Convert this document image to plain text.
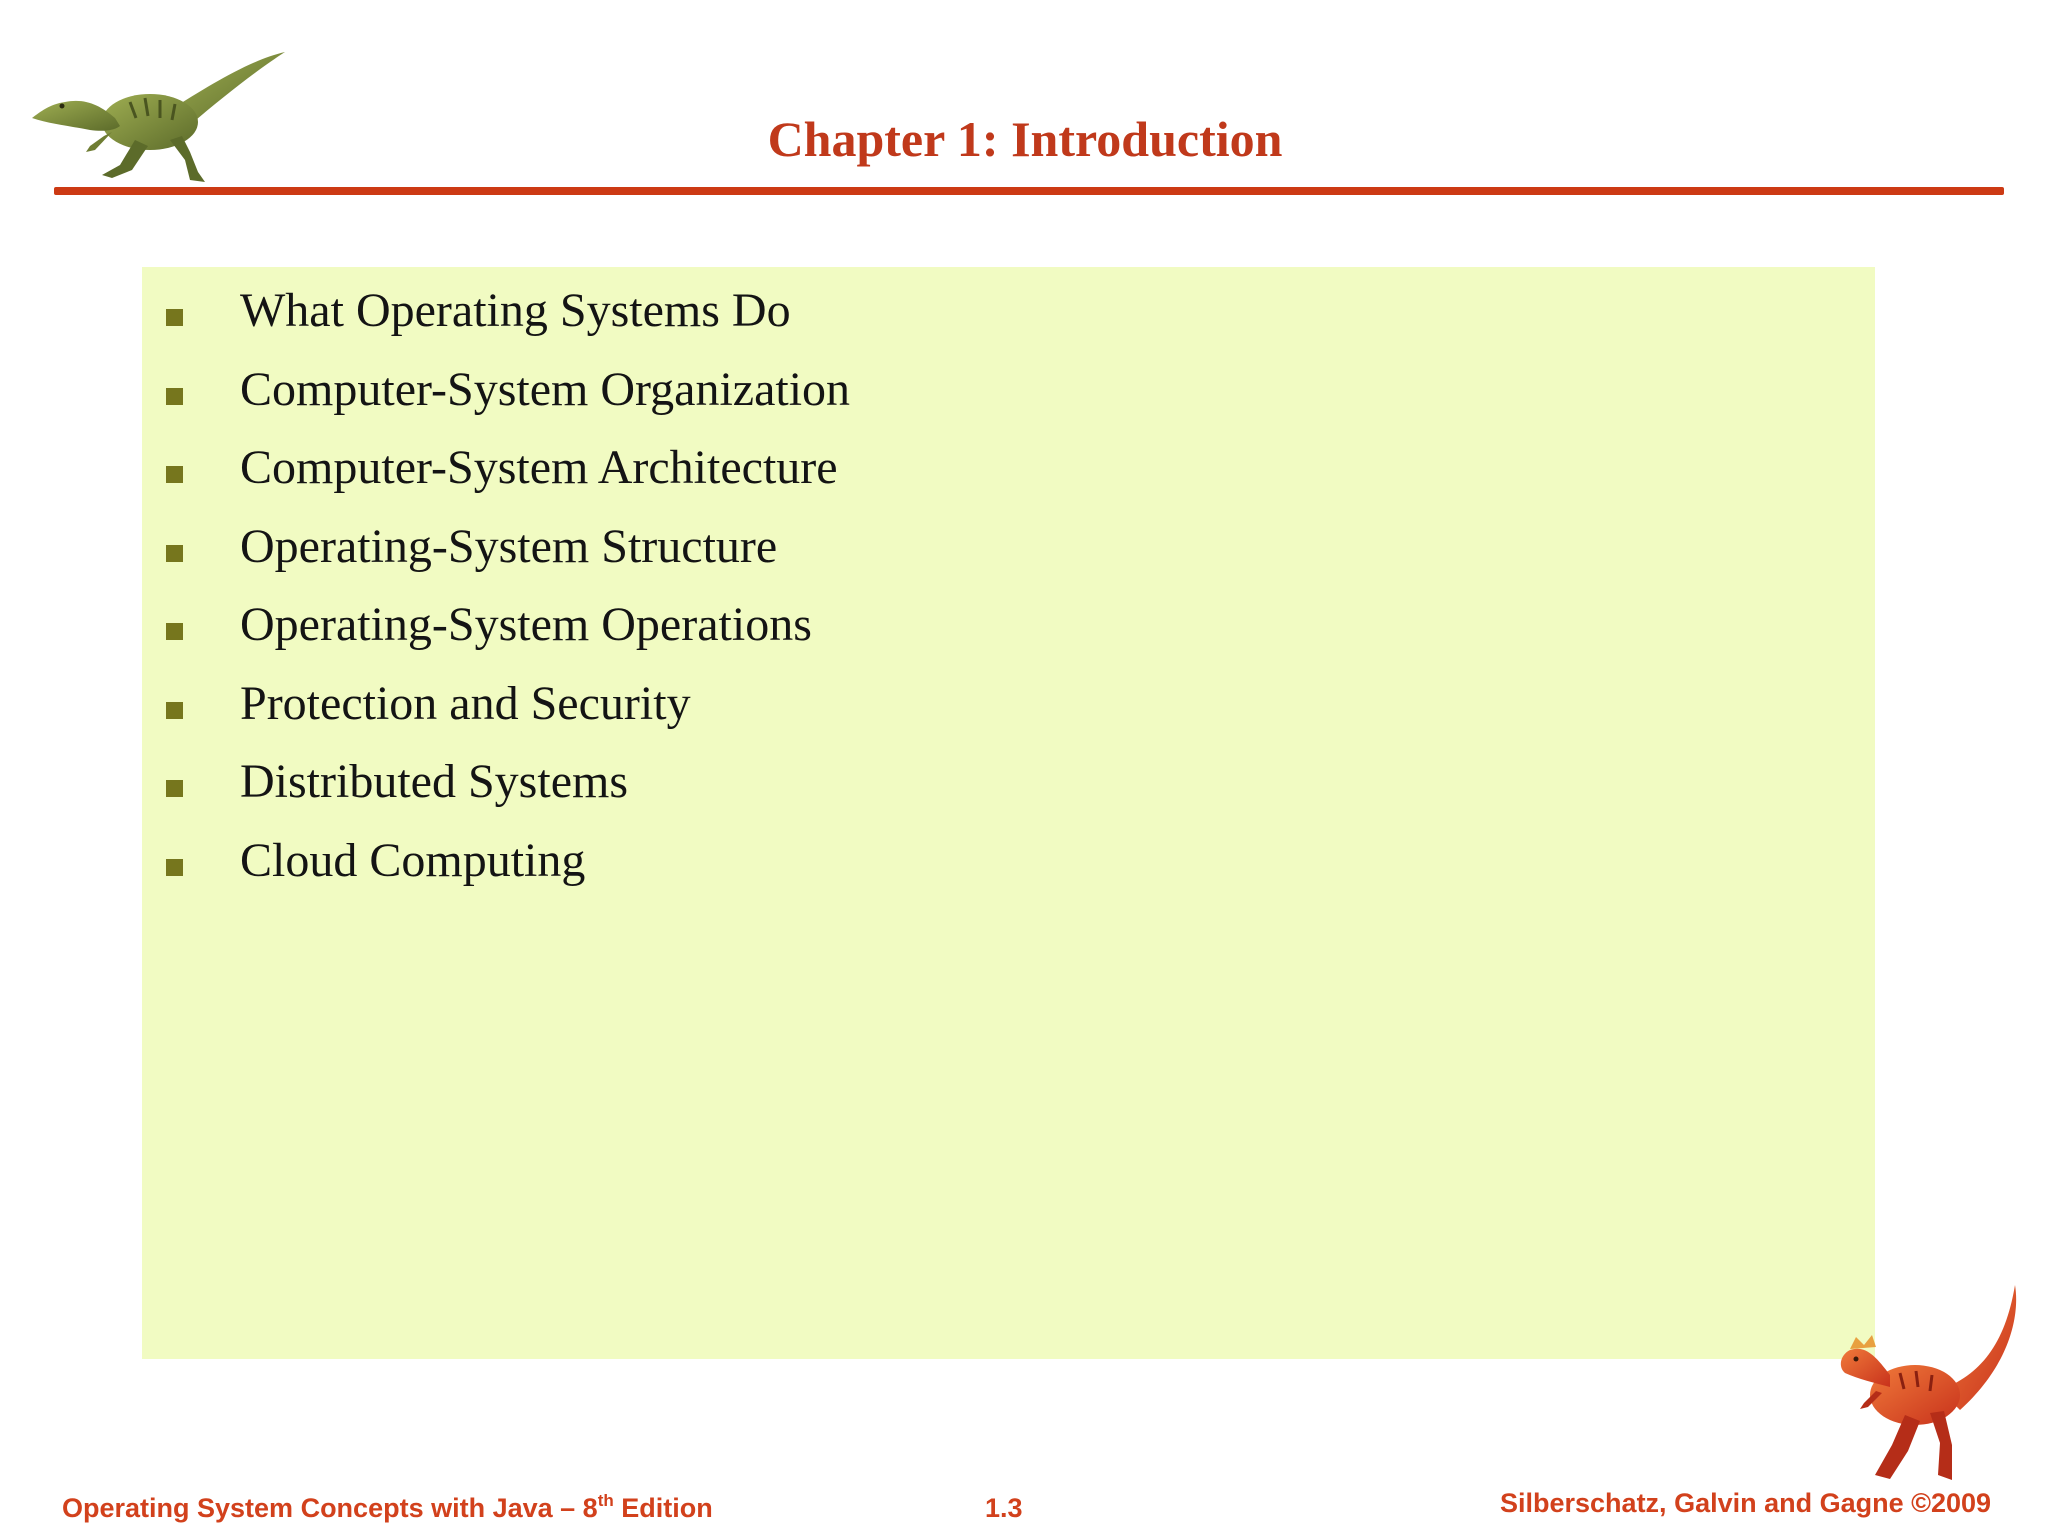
Chapter 1: Introduction
What Operating Systems Do
Computer-System Organization
Computer-System Architecture
Operating-System Structure
Operating-System Operations
Protection and Security
Distributed Systems
Cloud Computing
Operating System Concepts with Java – 8th Edition	1.3	Silberschatz, Galvin and Gagne ©2009
